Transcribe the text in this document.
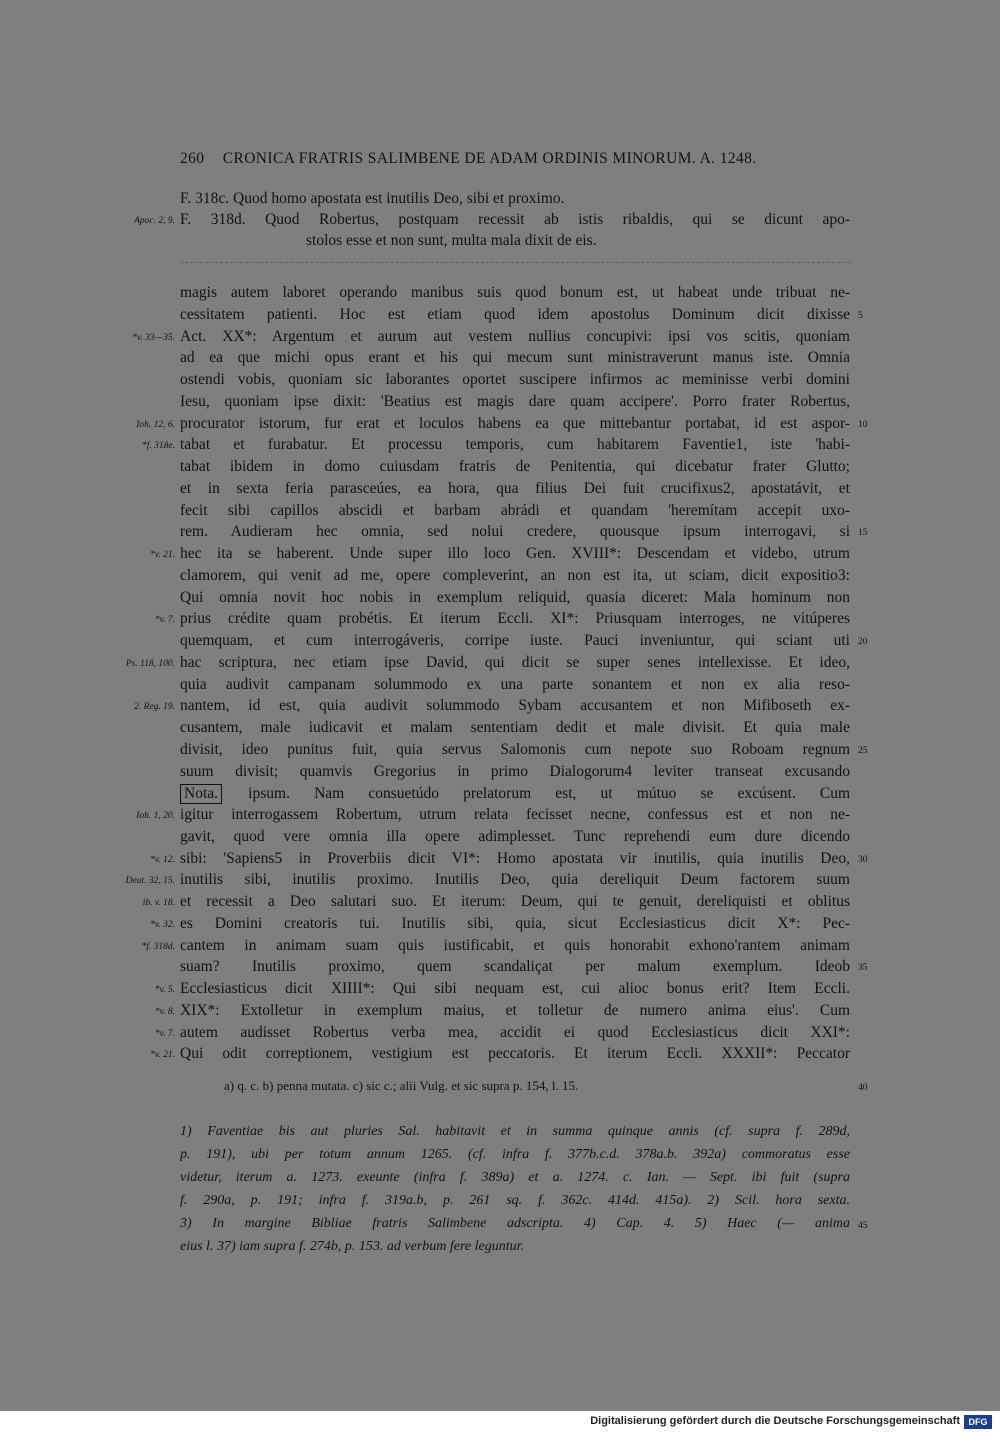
260 CRONICA FRATRIS SALIMBENE DE ADAM ORDINIS MINORUM. A. 1248.
F. 318c. Quod homo apostata est inutilis Deo, sibi et proximo.
Apoc. 2, 9. F. 318d. Quod Robertus, postquam recessit ab istis ribaldis, qui se dicunt apo-
stolos esse et non sunt, multa mala dixit de eis.
magis autem laboret operando manibus suis quod bonum est, ut habeat unde tribuat ne-
cessitatem patienti. Hoc est etiam quod idem apostolus Dominum dicit dixisse 5
*v. 33—35. Act. XX*: Argentum et aurum aut vestem nullius concupivi: ipsi vos scitis, quoniam
ad ea que michi opus erant et his qui mecum sunt ministraverunt manus iste. Omnia
ostendi vobis, quoniam sic laborantes oportet suscipere infirmos ac meminisse verbi domini
Iesu, quoniam ipse dixit: 'Beatius est magis dare quam accipere'. Porro frater Robertus,
Ioh. 12, 6. procurator istorum, fur erat et loculos habens ea que mittebantur portabat, id est aspor- 10
*f. 318e. tabat et furabatur. Et processu temporis, cum habitarem Faventie1, iste 'habi-
tabat ibidem in domo cuiusdam fratris de Penitentia, qui dicebatur frater Glutto;
et in sexta feria parasceúes, ea hora, qua filius Dei fuit crucifixus2, apostatávit, et
fecit sibi capillos abscidi et barbam abrádi et quandam 'heremítam accepit uxo-
rem. Audieram hec omnia, sed nolui credere, quousque ipsum interrogavi, si 15
*v. 21. hec ita se haberent. Unde super illo loco Gen. XVIII*: Descendam et videbo, utrum
clamorem, qui venit ad me, opere compleverint, an non est ita, ut sciam, dicit expositio3:
Qui omnia novit hoc nobis in exemplum reliquid, quasia diceret: Mala hominum non
*v. 7. prius crédite quam probétis. Et iterum Eccli. XI*: Priusquam interroges, ne vitúperes
quemquam, et cum interrogáveris, corripe iuste. Pauci inveniuntur, qui sciant uti 20
Ps. 118, 100. hac scriptura, nec etiam ipse David, qui dicit se super senes intellexisse. Et ideo,
quia audivit campanam solummodo ex una parte sonantem et non ex alia reso-
2. Reg. 19. nantem, id est, quia audivit solummodo Sybam accusantem et non Mifiboseth ex-
cusantem, male iudicavit et malam sententiam dedit et male divisit. Et quia male
divisit, ideo punitus fuit, quia servus Salomonis cum nepote suo Roboam regnum 25
suum divisit; quamvis Gregorius in primo Dialogorum4 leviter transeat excusando
Nota. ipsum. Nam consuetúdo prelatorum est, ut mútuo se excúsent. Cum
Ioh. 1, 20. igitur interrogassem Robertum, utrum relata fecisset necne, confessus est et non ne-
gavit, quod vere omnia illa opere adimplesset. Tunc reprehendi eum dure dicendo
*v. 12. sibi: 'Sapiens5 in Proverbiis dicit VI*: Homo apostata vir inutilis, quia inutilis Deo, 30
Deut. 32, 15. inutilis sibi, inutilis proximo. Inutilis Deo, quia dereliquit Deum factorem suum
ib. v. 18. et recessit a Deo salutari suo. Et iterum: Deum, qui te genuit, dereliquisti et oblitus
*v. 32. es Domini creatoris tui. Inutilis sibi, quia, sicut Ecclesiasticus dicit X*: Pec-
*f. 318d. cantem in animam suam quis iustificabit, et quis honorabit exhono'rantem animam
suam? Inutilis proximo, quem scandaliçat per malum exemplum. Ideob 35
*v. 5. Ecclesiasticus dicit XIIII*: Qui sibi nequam est, cui alioc bonus erit? Item Eccli.
*v. 8. XIX*: Extolletur in exemplum maius, et tolletur de numero anima eius'. Cum
*v. 7. autem audisset Robertus verba mea, accidit ei quod Ecclesiasticus dicit XXI*:
*v. 21. Qui odit correptionem, vestigium est peccatoris. Et iterum Eccli. XXXII*: Peccator
a) q. c. b) penna mutata. c) sic c.; alii Vulg. et sic supra p. 154, l. 15.	40
1) Faventiae bis aut pluries Sal. habitavit et in summa quinque annis (cf. supra f. 289d,
p. 191), ubi per totum annum 1265. (cf. infra f. 377b.c.d. 378a.b. 392a) commoratus esse
videtur, iterum a. 1273. exeunte (infra f. 389a) et a. 1274. c. Ian. — Sept. ibi fuit (supra
f. 290a, p. 191; infra f. 319a.b, p. 261 sq. f. 362c. 414d. 415a). 2) Scil. hora sexta.
3) In margine Bibliae fratris Salimbene adscripta. 4) Cap. 4. 5) Haec (— anima 45
eius l. 37) iam supra f. 274b, p. 153. ad verbum fere leguntur.
Digitalisierung gefördert durch die Deutsche Forschungsgemeinschaft DFG
